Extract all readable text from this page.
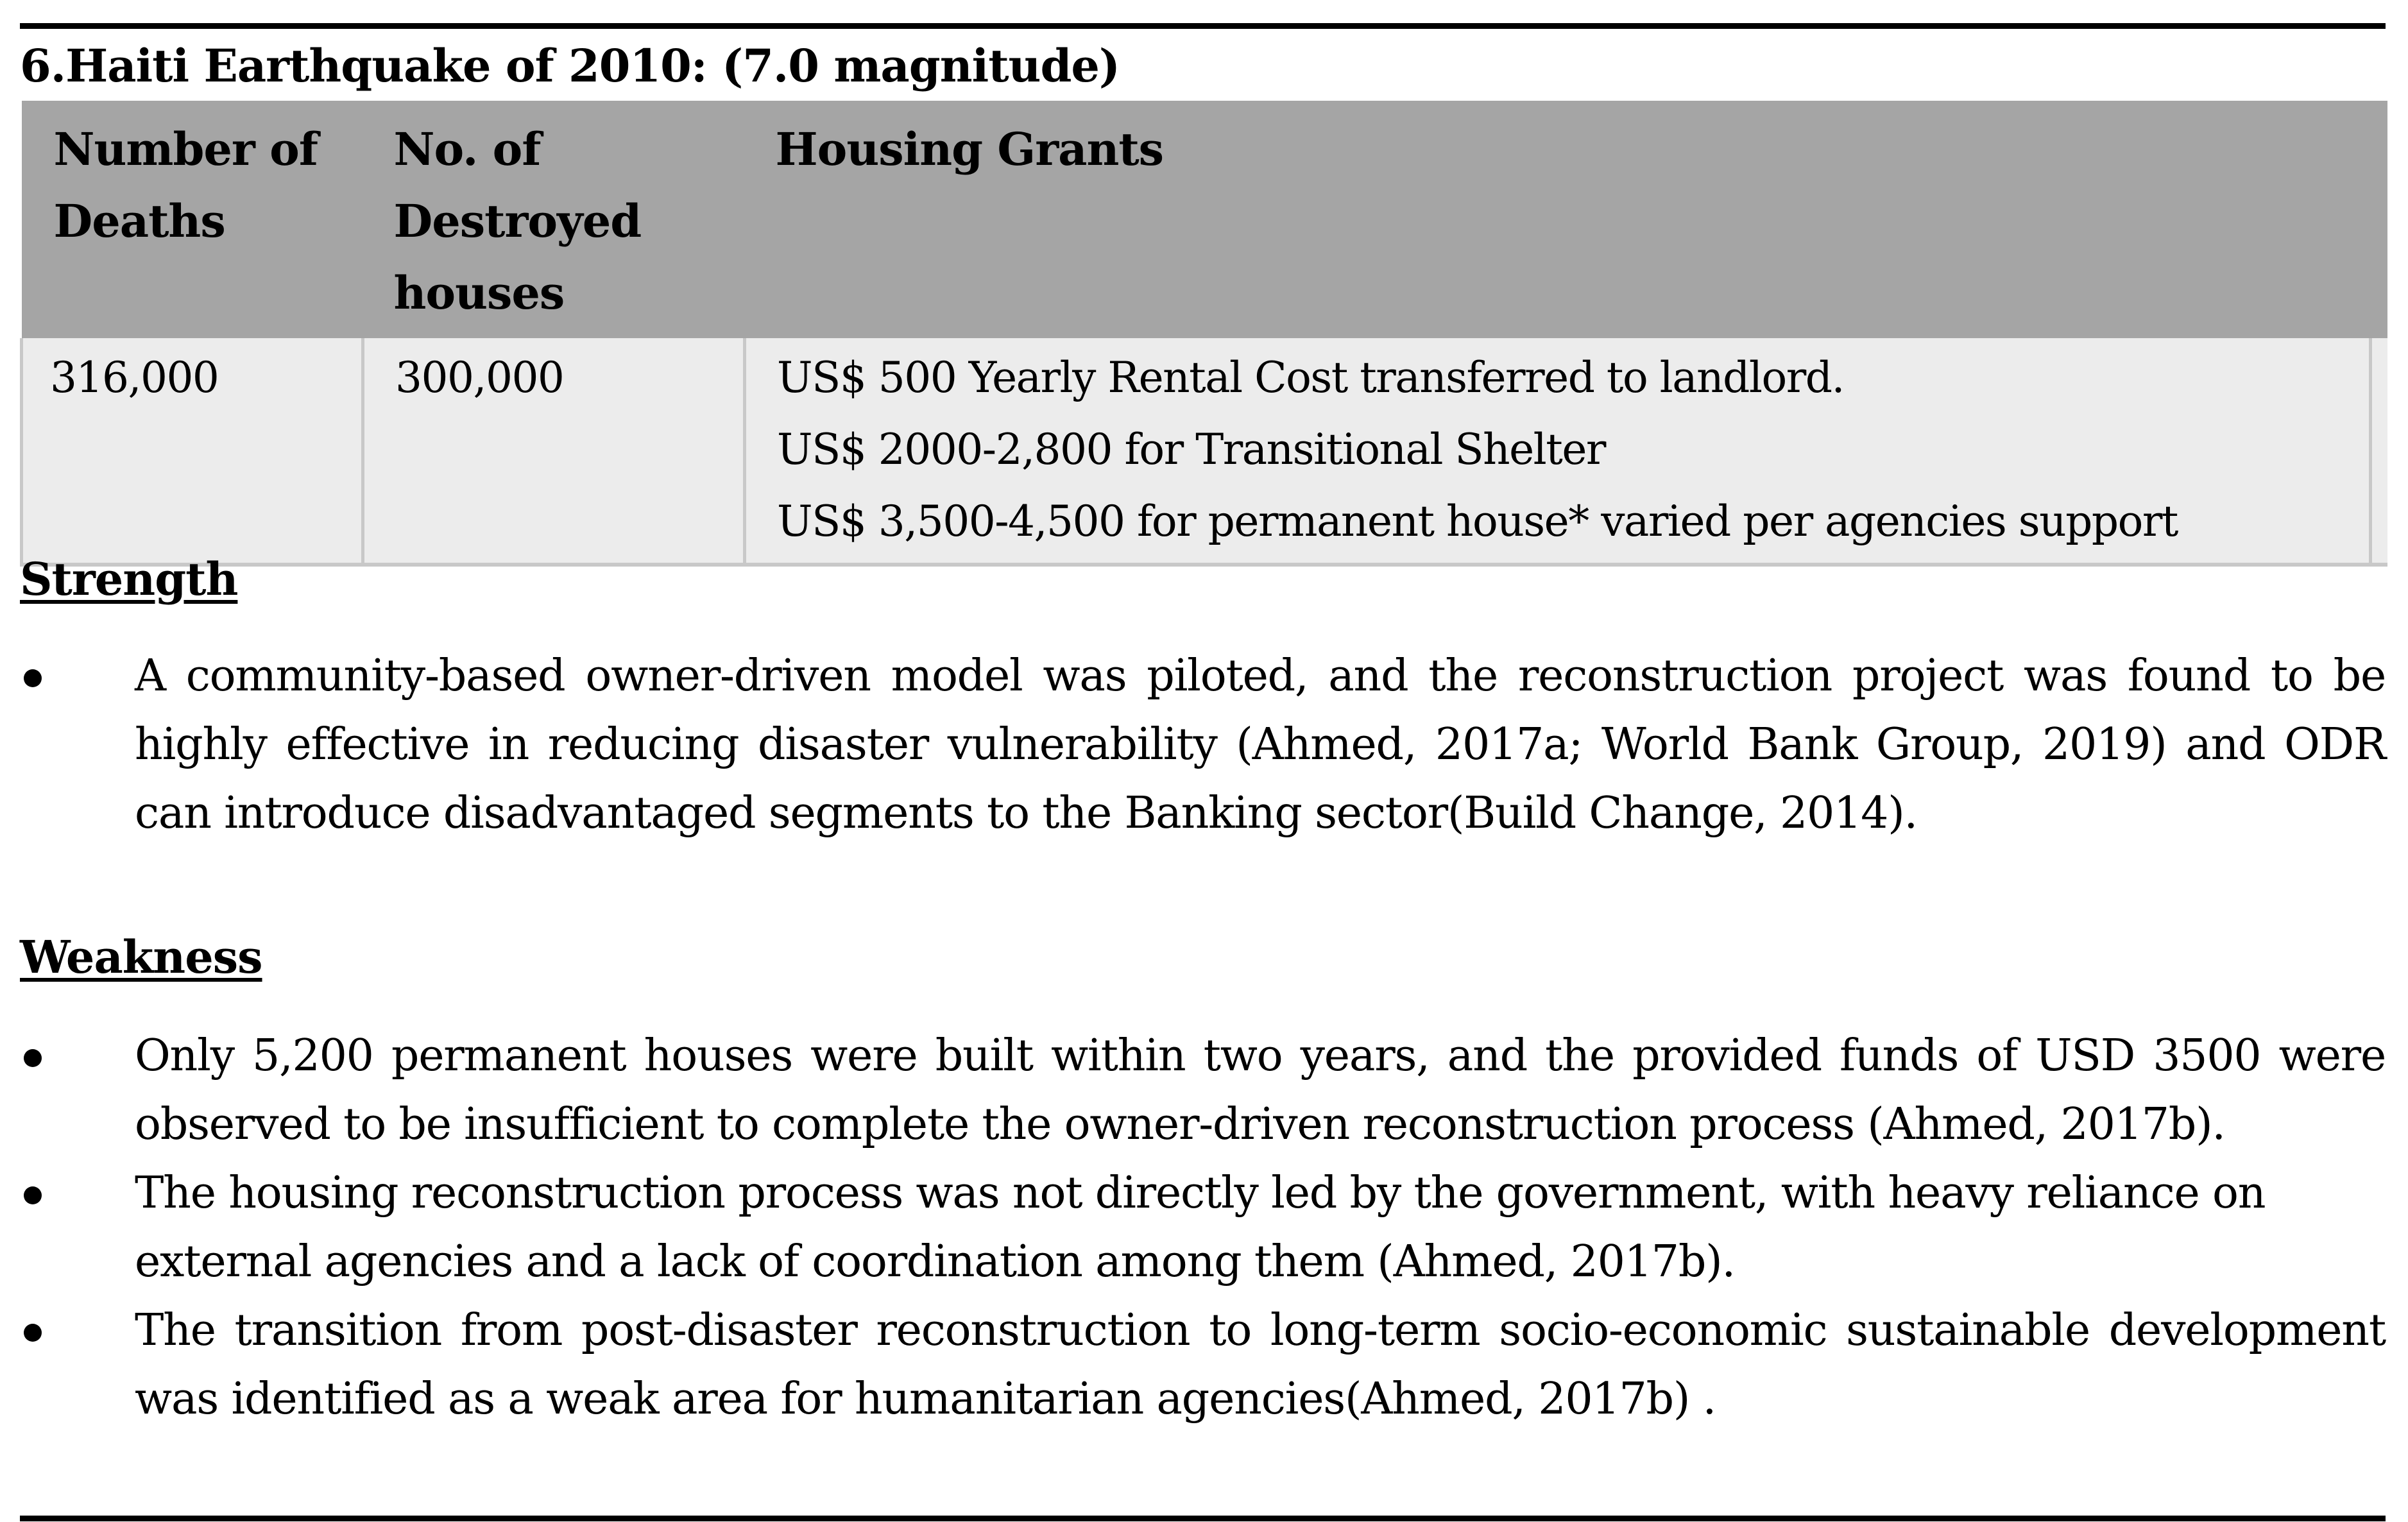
6.Haiti Earthquake of 2010: (7.0 magnitude)
Number of
Deaths	No. of
Destroyed
houses	Housing Grants	

316,000	300,000	US$ 500 Yearly Rental Cost transferred to landlord.
US$ 2000-2,800 for Transitional Shelter
US$ 3,500-4,500 for permanent house* varied per agencies support	

Strength
A community-based owner-driven model was piloted, and the reconstruction project was found to be highly effective in reducing disaster vulnerability (Ahmed, 2017a; World Bank Group, 2019) and ODR can introduce disadvantaged segments to the Banking sector(Build Change, 2014).
Weakness
Only 5,200 permanent houses were built within two years, and the provided funds of USD 3500 were observed to be insufficient to complete the owner-driven reconstruction process (Ahmed, 2017b).
The housing reconstruction process was not directly led by the government, with heavy reliance on external agencies and a lack of coordination among them (Ahmed, 2017b).
The transition from post-disaster reconstruction to long-term socio-economic sustainable development was identified as a weak area for humanitarian agencies(Ahmed, 2017b) .
